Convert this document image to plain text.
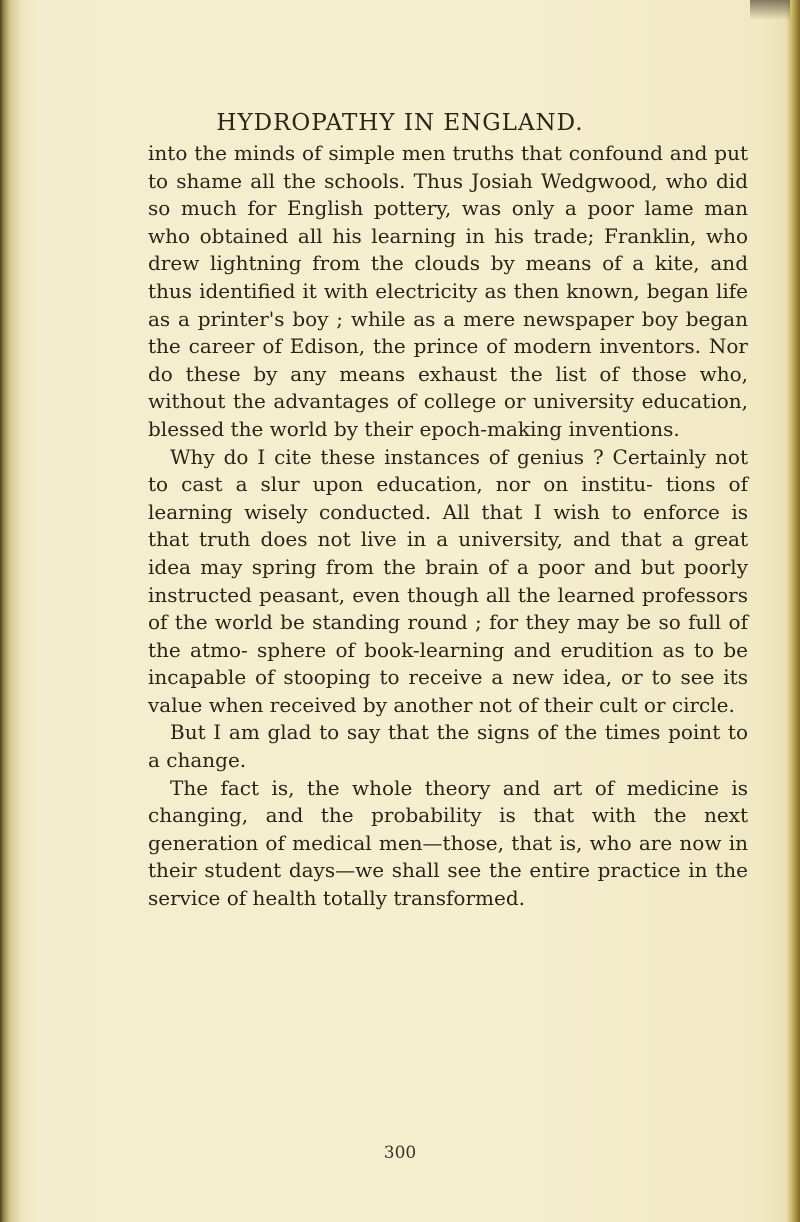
HYDROPATHY IN ENGLAND.

into the minds of simple men truths that confound and put to shame all the schools. Thus Josiah Wedgwood, who did so much for English pottery, was only a poor lame man who obtained all his learning in his trade; Franklin, who drew lightning from the clouds by means of a kite, and thus identified it with electricity as then known, began life as a printer's boy ; while as a mere newspaper boy began the career of Edison, the prince of modern inventors. Nor do these by any means exhaust the list of those who, without the advantages of college or university education, blessed the world by their epoch-making inventions.

Why do I cite these instances of genius ? Certainly not to cast a slur upon education, nor on institu- tions of learning wisely conducted. All that I wish to enforce is that truth does not live in a university, and that a great idea may spring from the brain of a poor and but poorly instructed peasant, even though all the learned professors of the world be standing round ; for they may be so full of the atmo- sphere of book-learning and erudition as to be incapable of stooping to receive a new idea, or to see its value when received by another not of their cult or circle.

But I am glad to say that the signs of the times point to a change.

The fact is, the whole theory and art of medicine is changing, and the probability is that with the next generation of medical men—those, that is, who are now in their student days—we shall see the entire practice in the service of health totally transformed.

300
